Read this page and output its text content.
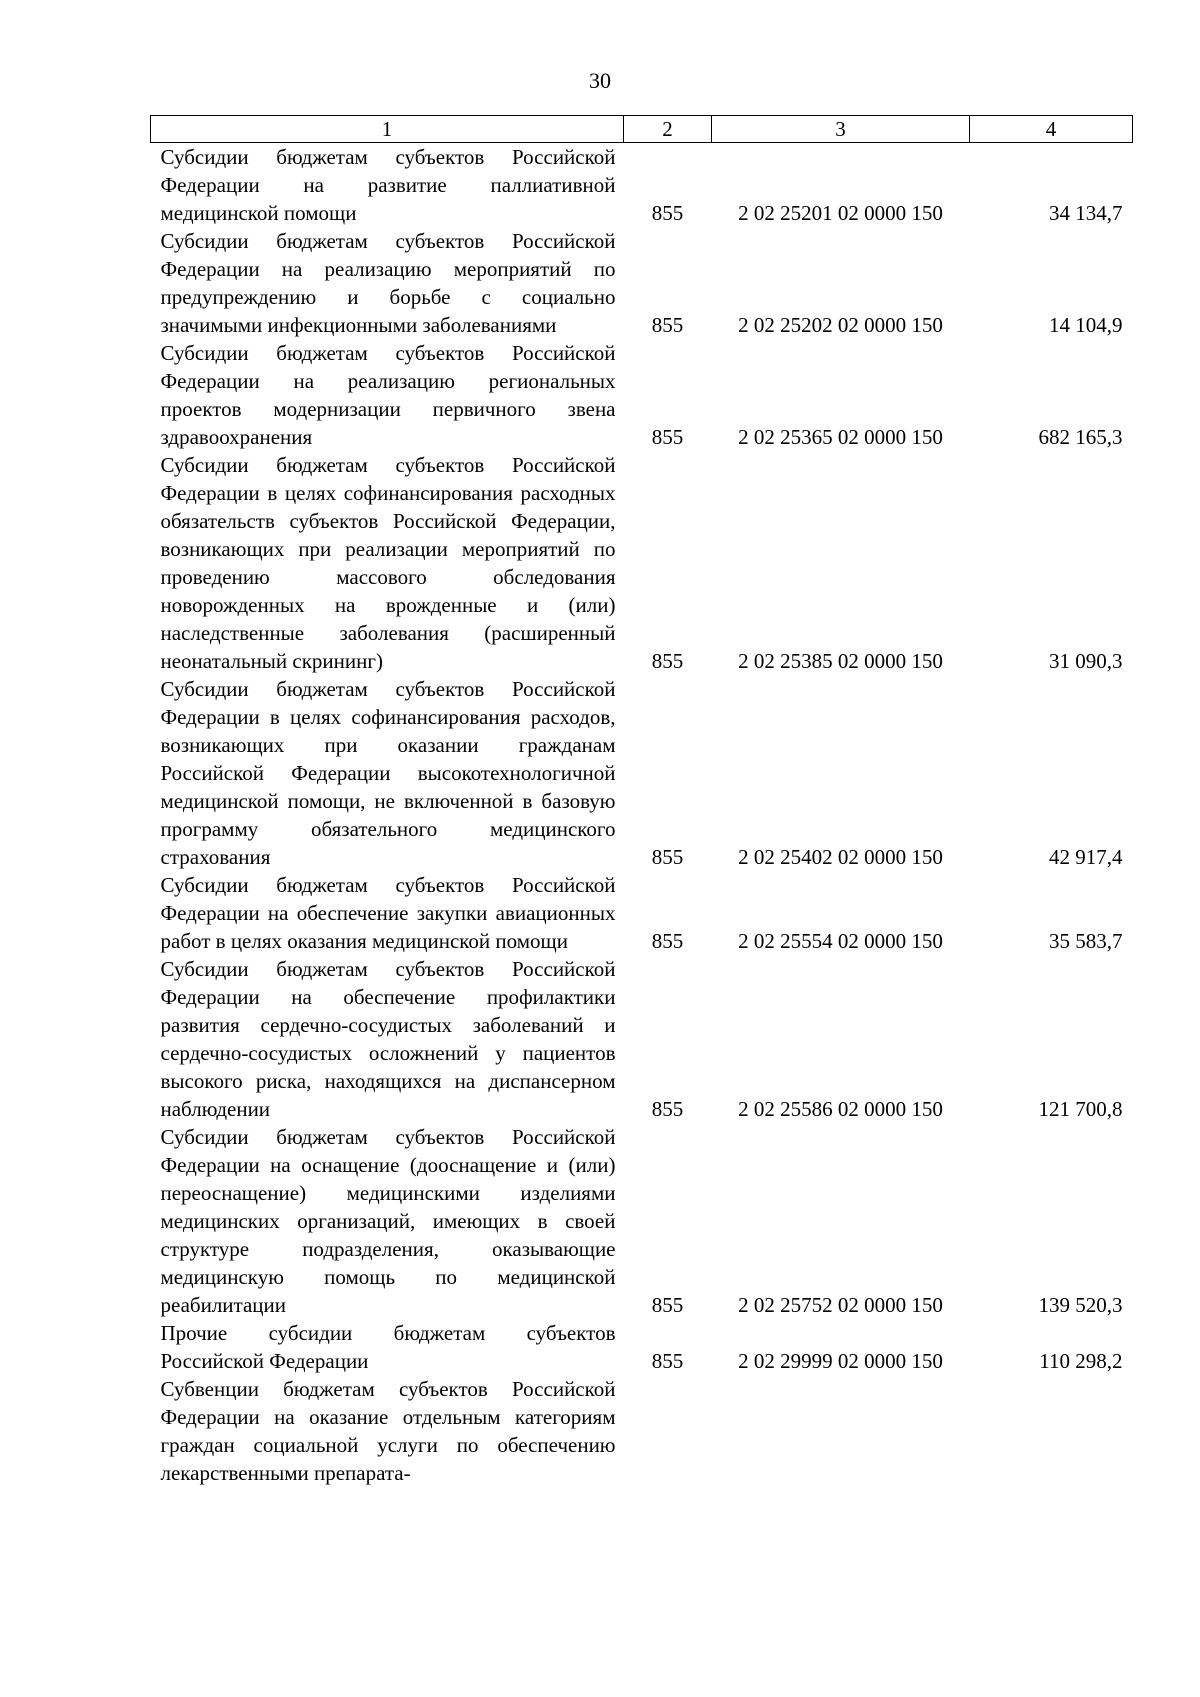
30
1	2	3	4
Субсидии бюджетам субъектов Российской Федерации на развитие паллиативной медицинской помощи	855	2 02 25201 02 0000 150	34 134,7
Субсидии бюджетам субъектов Российской Федерации на реализацию мероприятий по предупреждению и борьбе с социально значимыми инфекционными заболеваниями	855	2 02 25202 02 0000 150	14 104,9
Субсидии бюджетам субъектов Российской Федерации на реализацию региональных проектов модернизации первичного звена здравоохранения	855	2 02 25365 02 0000 150	682 165,3
Субсидии бюджетам субъектов Российской Федерации в целях софинансирования расходных обязательств субъектов Российской Федерации, возникающих при реализации мероприятий по проведению массового обследования новорожденных на врожденные и (или) наследственные заболевания (расширенный неонатальный скрининг)	855	2 02 25385 02 0000 150	31 090,3
Субсидии бюджетам субъектов Российской Федерации в целях софинансирования расходов, возникающих при оказании гражданам Российской Федерации высокотехнологичной медицинской помощи, не включенной в базовую программу обязательного медицинского страхования	855	2 02 25402 02 0000 150	42 917,4
Субсидии бюджетам субъектов Российской Федерации на обеспечение закупки авиационных работ в целях оказания медицинской помощи	855	2 02 25554 02 0000 150	35 583,7
Субсидии бюджетам субъектов Российской Федерации на обеспечение профилактики развития сердечно-сосудистых заболеваний и сердечно-сосудистых осложнений у пациентов высокого риска, находящихся на диспансерном наблюдении	855	2 02 25586 02 0000 150	121 700,8
Субсидии бюджетам субъектов Российской Федерации на оснащение (дооснащение и (или) переоснащение) медицинскими изделиями медицинских организаций, имеющих в своей структуре подразделения, оказывающие медицинскую помощь по медицинской реабилитации	855	2 02 25752 02 0000 150	139 520,3
Прочие субсидии бюджетам субъектов Российской Федерации	855	2 02 29999 02 0000 150	110 298,2
Субвенции бюджетам субъектов Российской Федерации на оказание отдельным категориям граждан социальной услуги по обеспечению лекарственными препарата-			
